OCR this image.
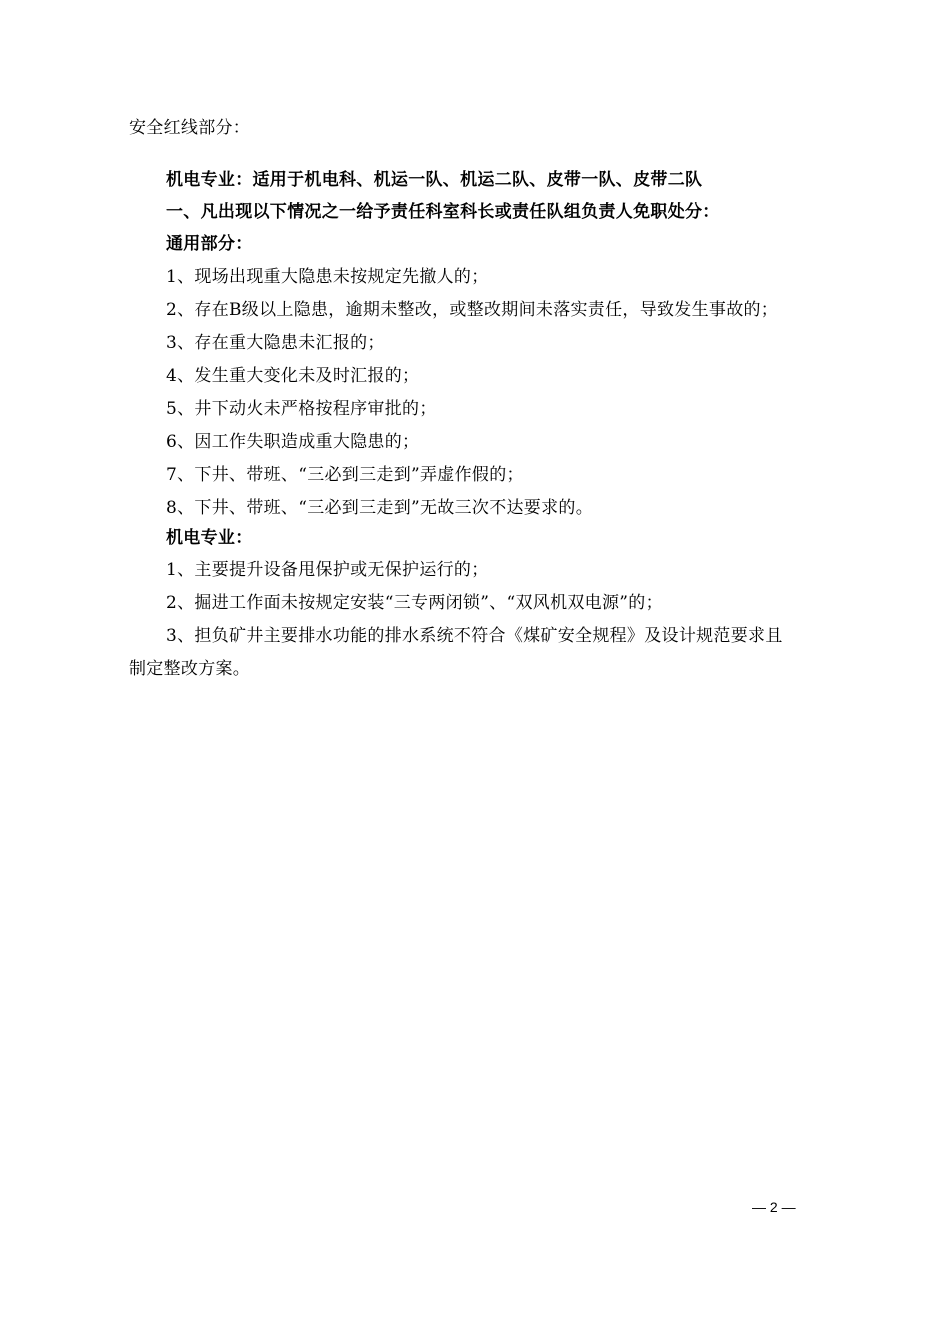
安全红线部分：
机电专业：适用于机电科、机运一队、机运二队、皮带一队、皮带二队
一、凡出现以下情况之一给予责任科室科长或责任队组负责人免职处分：
通用部分：
1、现场出现重大隐患未按规定先撤人的；
2、存在B级以上隐患，逾期未整改，或整改期间未落实责任，导致发生事故的；
3、存在重大隐患未汇报的；
4、发生重大变化未及时汇报的；
5、井下动火未严格按程序审批的；
6、因工作失职造成重大隐患的；
7、下井、带班、“三必到三走到”弄虚作假的；
8、下井、带班、“三必到三走到”无故三次不达要求的。
机电专业：
1、主要提升设备甩保护或无保护运行的；
2、掘进工作面未按规定安装“三专两闭锁”、“双风机双电源”的；
3、担负矿井主要排水功能的排水系统不符合《煤矿安全规程》及设计规范要求且
制定整改方案。
— 2 —
